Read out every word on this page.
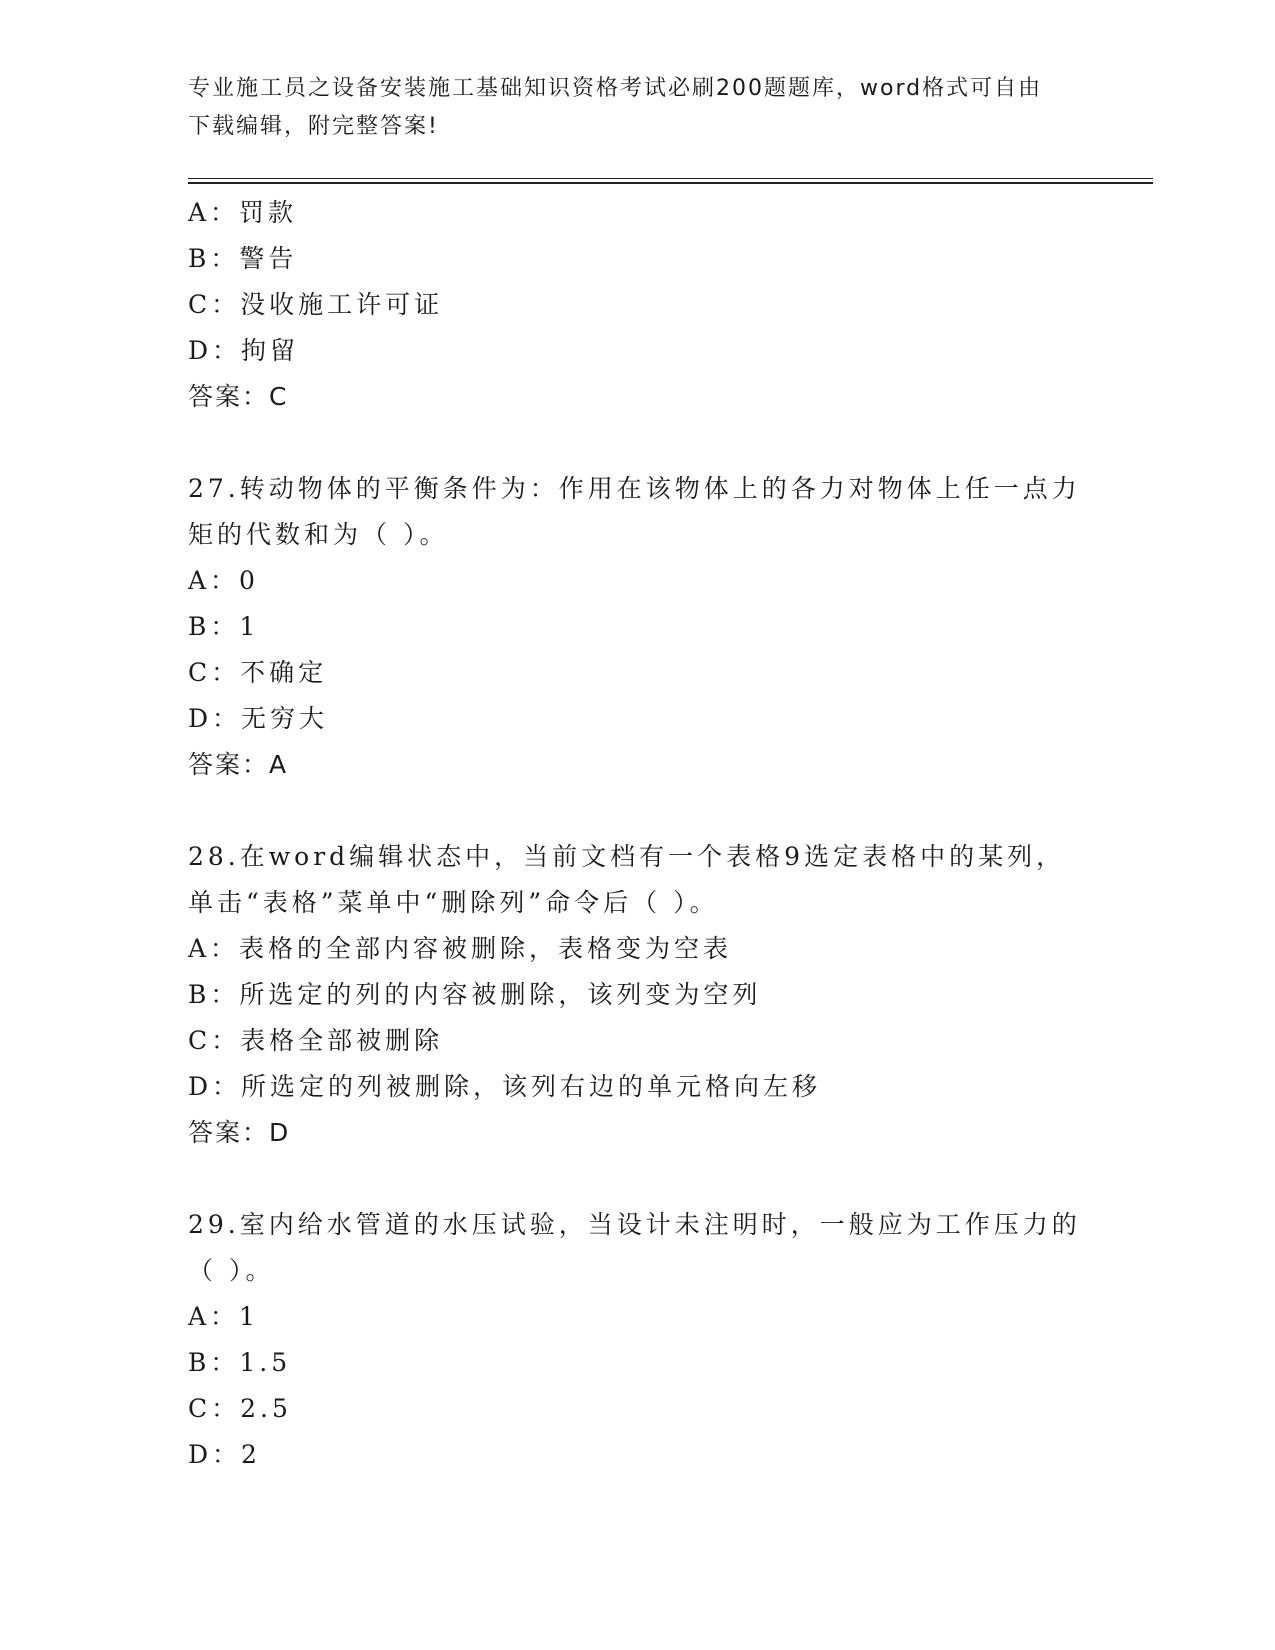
专业施工员之设备安装施工基础知识资格考试必刷200题题库，word格式可自由
下载编辑，附完整答案!
A：罚款
B：警告
C：没收施工许可证
D：拘留
答案：C
27.转动物体的平衡条件为：作用在该物体上的各力对物体上任一点力
矩的代数和为（ ）。
A：0
B：1
C：不确定
D：无穷大
答案：A
28.在word编辑状态中，当前文档有一个表格9选定表格中的某列，
单击“表格”菜单中“删除列”命令后（ ）。
A：表格的全部内容被删除，表格变为空表
B：所选定的列的内容被删除，该列变为空列
C：表格全部被删除
D：所选定的列被删除，该列右边的单元格向左移
答案：D
29.室内给水管道的水压试验，当设计未注明时，一般应为工作压力的
（ ）。
A：1
B：1.5
C：2.5
D：2
